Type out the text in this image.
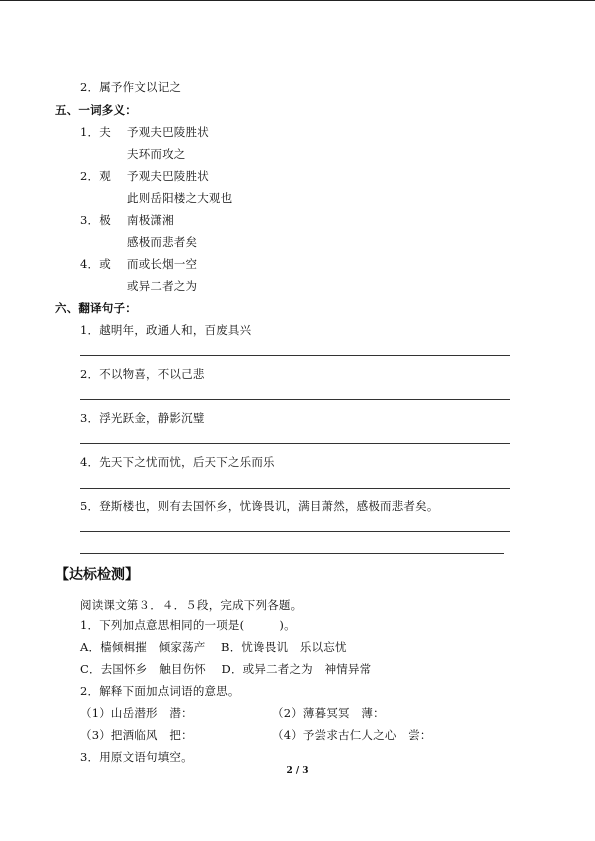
2．属予作文以记之
五、一词多义：
1．夫 予观夫巴陵胜状
夫环而攻之
2．观 予观夫巴陵胜状
此则岳阳楼之大观也
3．极 南极潇湘
感极而悲者矣
4．或 而或长烟一空
或异二者之为
六、翻译句子：
1．越明年，政通人和，百废具兴
2．不以物喜，不以己悲
3．浮光跃金，静影沉璧
4．先天下之忧而忧，后天下之乐而乐
5．登斯楼也，则有去国怀乡，忧谗畏讥，满目萧然，感极而悲者矣。
【达标检测】
阅读课文第３．４．５段，完成下列各题。
1．下列加点意思相同的一项是(　　　)。
A．樯倾楫摧　倾家荡产　 B．忧谗畏讥　乐以忘忧
C．去国怀乡　触目伤怀　 D．或异二者之为　神情异常
2．解释下面加点词语的意思。
（1）山岳潜形　潜：	（2）薄暮冥冥　薄：
（3）把酒临风　把：	（4）予尝求古仁人之心　尝：
3．用原文语句填空。
2 / 3
